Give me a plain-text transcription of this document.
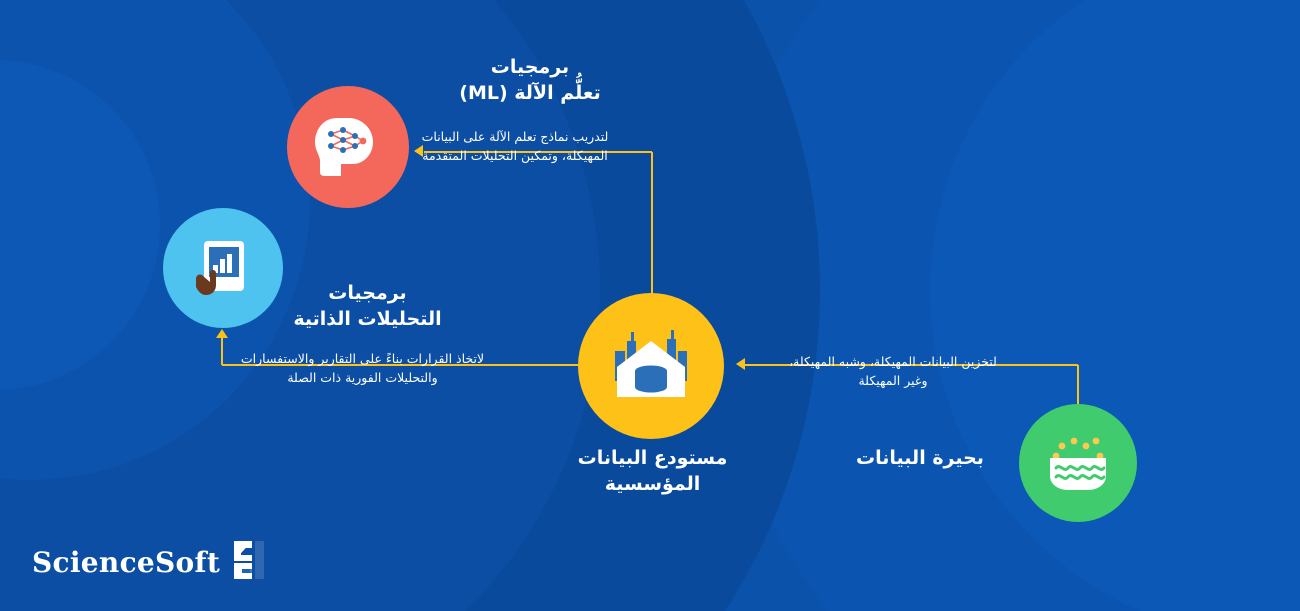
برمجيات
تعلُّم الآلة (ML)
لتدريب نماذج تعلم الآلة على البيانات المهيكلة، وتمكين التحليلات المتقدمة
برمجيات
التحليلات الذاتية
لاتخاذ القرارات بناءً على التقارير والاستفسارات والتحليلات الفورية ذات الصلة
مستودع البيانات
المؤسسية
لتخزين البيانات المهيكلة، وشبه المهيكلة، وغير المهيكلة
بحيرة البيانات
ScienceSoft
